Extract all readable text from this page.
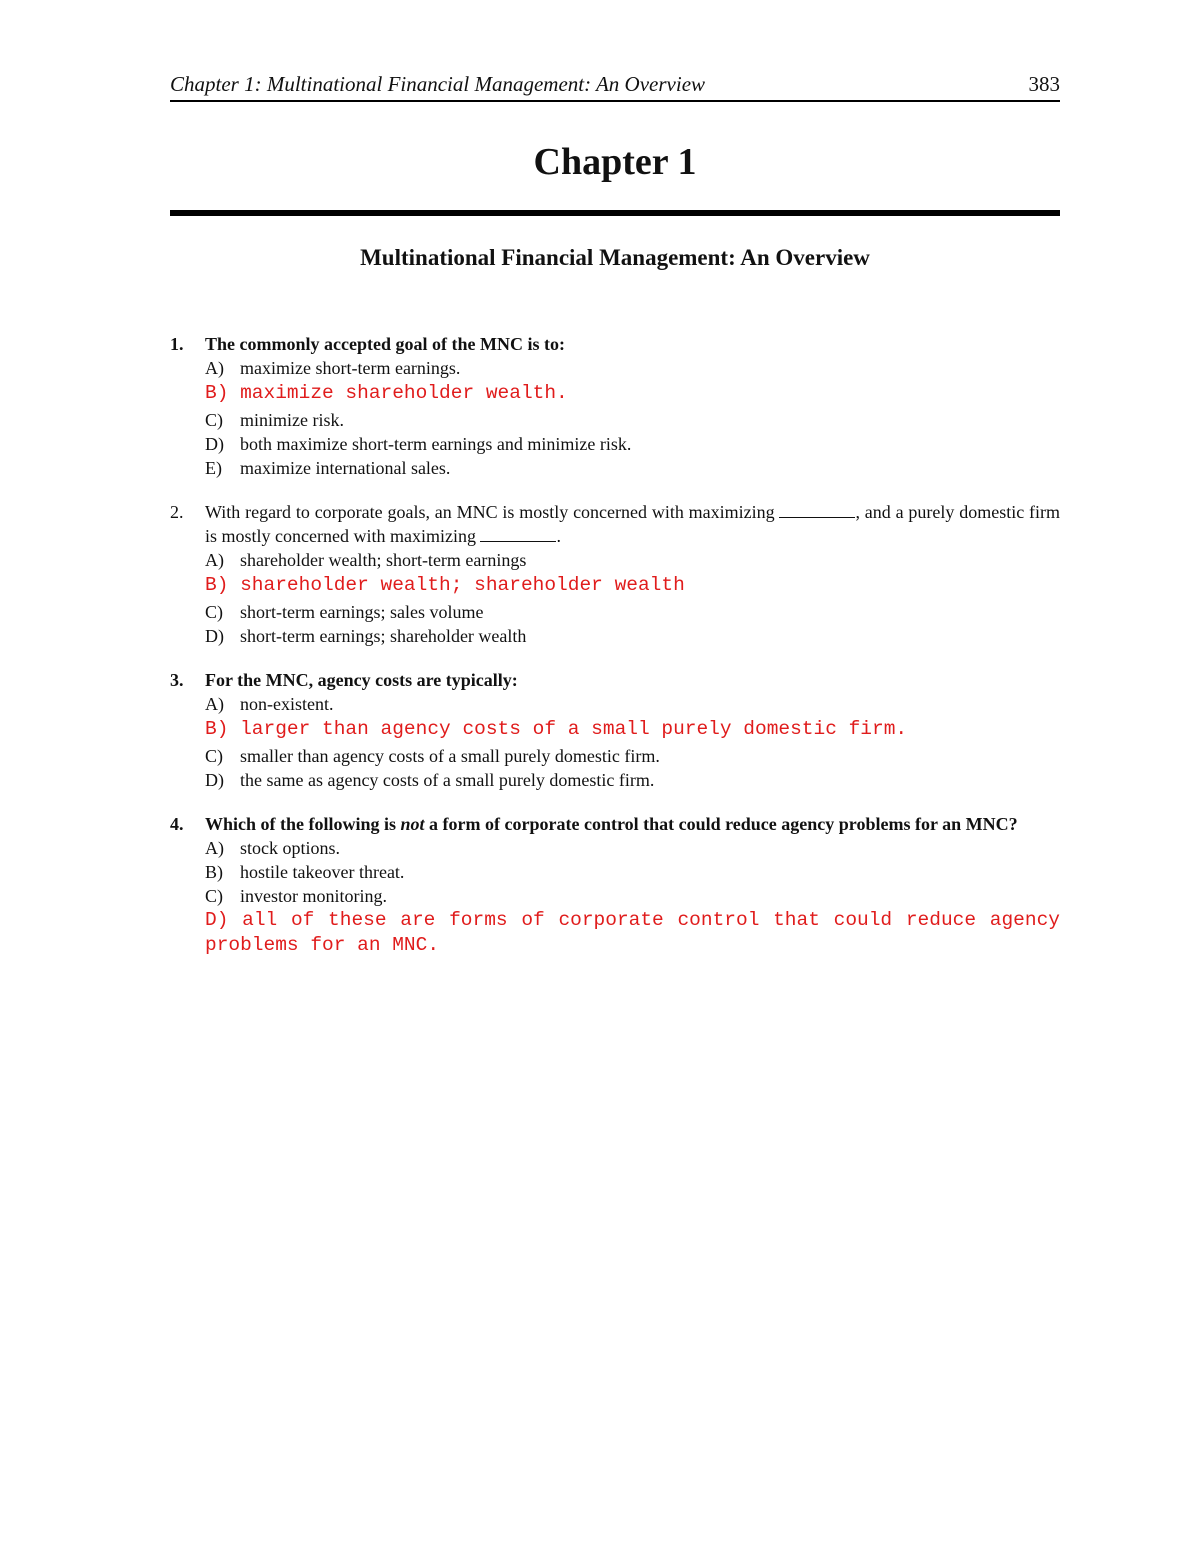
Chapter 1: Multinational Financial Management: An Overview	383
Chapter 1
Multinational Financial Management: An Overview
1.	The commonly accepted goal of the MNC is to:
A) maximize short-term earnings.
B) maximize shareholder wealth.
C) minimize risk.
D) both maximize short-term earnings and minimize risk.
E) maximize international sales.
2.	With regard to corporate goals, an MNC is mostly concerned with maximizing	, and a purely domestic firm is mostly concerned with maximizing	.
A) shareholder wealth; short-term earnings
B) shareholder wealth; shareholder wealth
C) short-term earnings; sales volume
D) short-term earnings; shareholder wealth
3.	For the MNC, agency costs are typically:
A) non-existent.
B) larger than agency costs of a small purely domestic firm.
C) smaller than agency costs of a small purely domestic firm.
D) the same as agency costs of a small purely domestic firm.
4.	Which of the following is not a form of corporate control that could reduce agency problems for an MNC?
A) stock options.
B) hostile takeover threat.
C) investor monitoring.
D) all of these are forms of corporate control that could reduce agency problems for an MNC.
